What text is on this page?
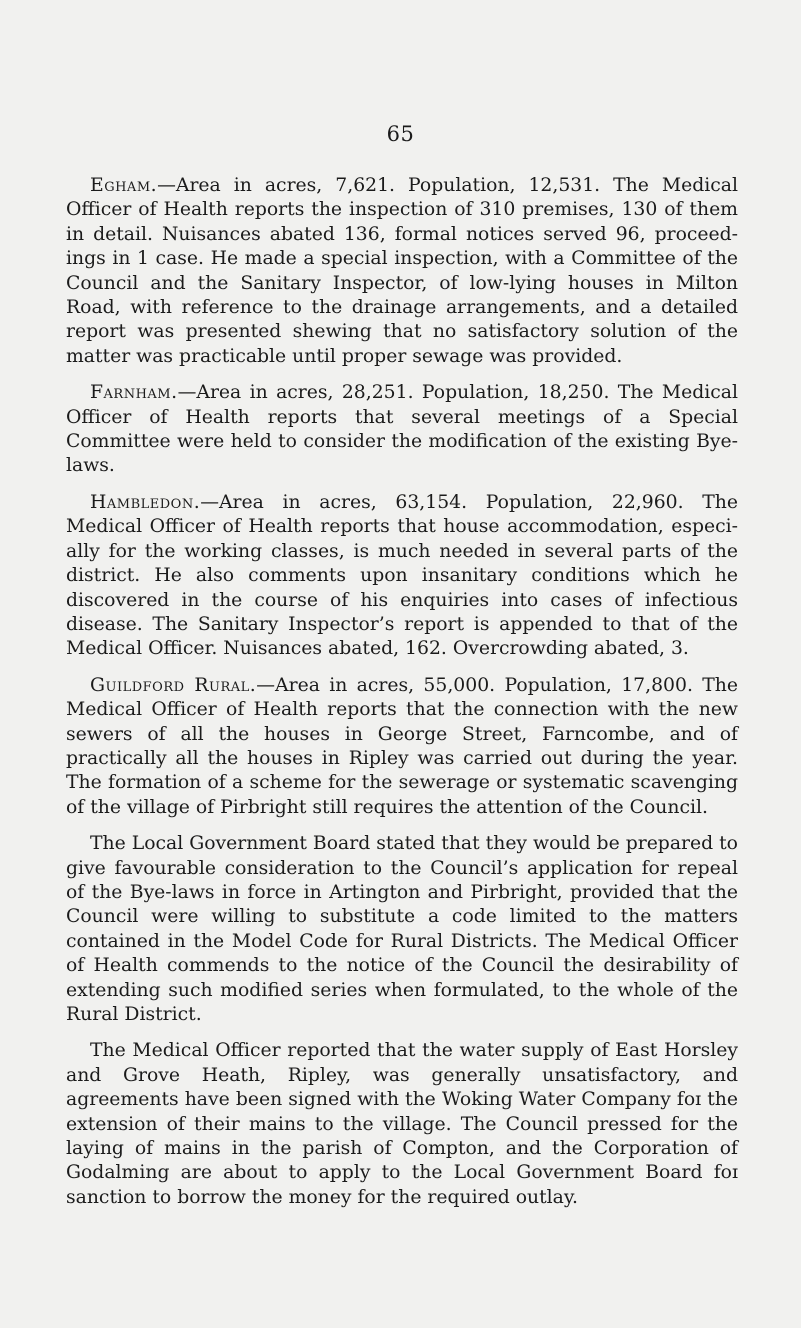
65

Egham.—Area in acres, 7,621. Population, 12,531. The Medical Officer of Health reports the inspection of 310 premises, 130 of them in detail. Nuisances abated 136, formal notices served 96, proceed-ings in 1 case. He made a special inspection, with a Committee of the Council and the Sanitary Inspector, of low-lying houses in Milton Road, with reference to the drainage arrangements, and a detailed report was presented shewing that no satisfactory solution of the matter was practicable until proper sewage was provided.

Farnham.—Area in acres, 28,251. Population, 18,250. The Medical Officer of Health reports that several meetings of a Special Committee were held to consider the modification of the existing Bye-laws.

Hambledon.—Area in acres, 63,154. Population, 22,960. The Medical Officer of Health reports that house accommodation, especi-ally for the working classes, is much needed in several parts of the district. He also comments upon insanitary conditions which he discovered in the course of his enquiries into cases of infectious disease. The Sanitary Inspector’s report is appended to that of the Medical Officer. Nuisances abated, 162. Overcrowding abated, 3.

Guildford Rural.—Area in acres, 55,000. Population, 17,800. The Medical Officer of Health reports that the connection with the new sewers of all the houses in George Street, Farncombe, and of practically all the houses in Ripley was carried out during the year. The formation of a scheme for the sewerage or systematic scavenging of the village of Pirbright still requires the attention of the Council.

The Local Government Board stated that they would be prepared to give favourable consideration to the Council’s application for repeal of the Bye-laws in force in Artington and Pirbright, provided that the Council were willing to substitute a code limited to the matters contained in the Model Code for Rural Districts. The Medical Officer of Health commends to the notice of the Council the desirability of extending such modified series when formulated, to the whole of the Rural District.

The Medical Officer reported that the water supply of East Horsley and Grove Heath, Ripley, was generally unsatisfactory, and agreements have been signed with the Woking Water Company foɪ the extension of their mains to the village. The Council pressed for the laying of mains in the parish of Compton, and the Corporation of Godalming are about to apply to the Local Government Board foɪ sanction to borrow the money for the required outlay.
